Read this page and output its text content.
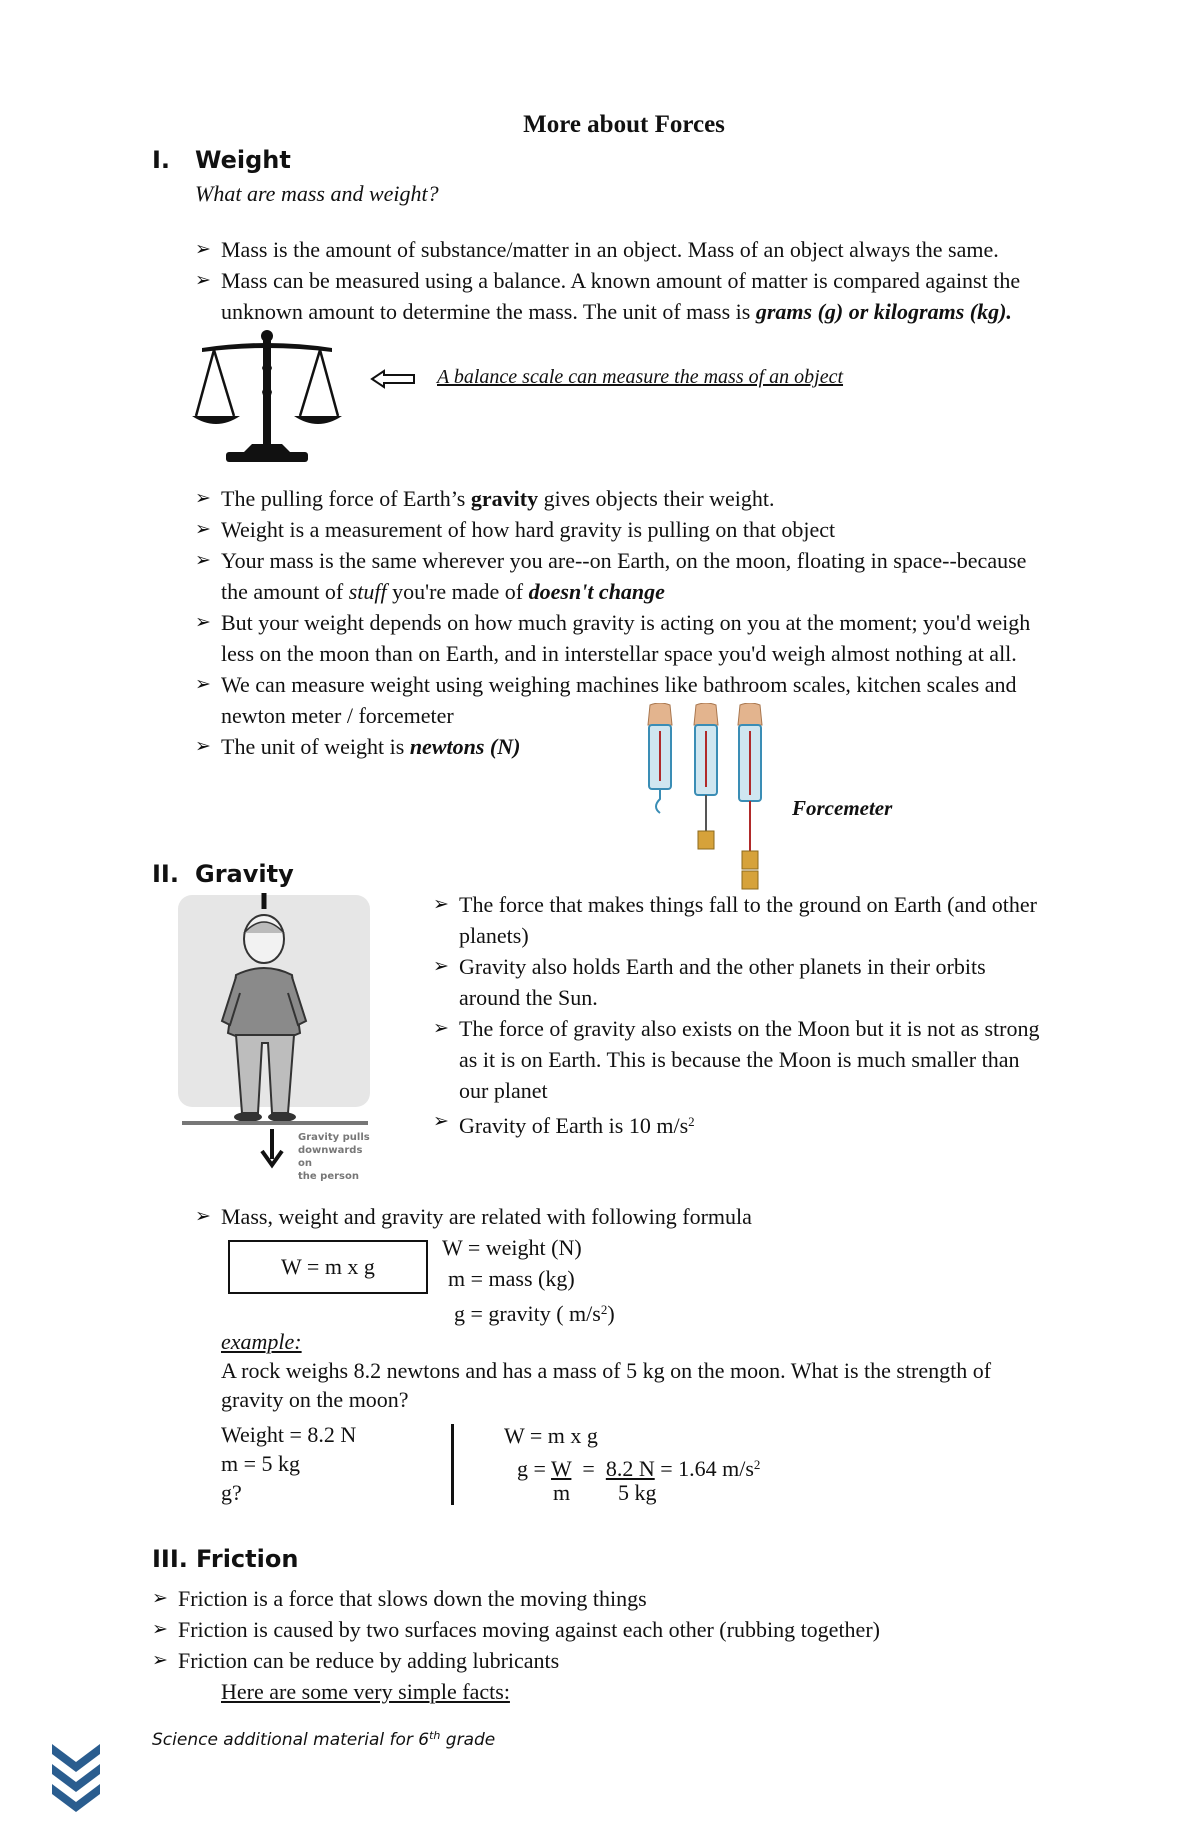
More about Forces
I. Weight
What are mass and weight?
➢ Mass is the amount of substance/matter in an object. Mass of an object always the same.
➢ Mass can be measured using a balance. A known amount of matter is compared against the
unknown amount to determine the mass. The unit of mass is grams (g) or kilograms (kg).
A balance scale can measure the mass of an object
➢ The pulling force of Earth’s gravity gives objects their weight.
➢ Weight is a measurement of how hard gravity is pulling on that object
➢ Your mass is the same wherever you are--on Earth, on the moon, floating in space--because
the amount of stuff you're made of doesn't change
➢ But your weight depends on how much gravity is acting on you at the moment; you'd weigh
less on the moon than on Earth, and in interstellar space you'd weigh almost nothing at all.
➢ We can measure weight using weighing machines like bathroom scales, kitchen scales and
newton meter / forcemeter
➢ The unit of weight is newtons (N)
Forcemeter
II. Gravity
Gravity pulls
downwards on
the person
➢ The force that makes things fall to the ground on Earth (and other
planets)
➢ Gravity also holds Earth and the other planets in their orbits
around the Sun.
➢ The force of gravity also exists on the Moon but it is not as strong
as it is on Earth. This is because the Moon is much smaller than
our planet
➢ Gravity of Earth is 10 $m/s^2$
➢ Mass, weight and gravity are related with following formula
W = m x g
W = weight (N)
m = mass (kg)
g = gravity ( $m/s^2$)
example:
A rock weighs 8.2 newtons and has a mass of 5 kg on the moon. What is the strength of
gravity on the moon?
Weight = 8.2 N
m = 5 kg
g?
W = m x g
g = W = 8.2 N = 1.64 $m/s^2$
m 5 kg
III. Friction
➢ Friction is a force that slows down the moving things
➢ Friction is caused by two surfaces moving against each other (rubbing together)
➢ Friction can be reduce by adding lubricants
Here are some very simple facts:
Science additional material for 6th grade
